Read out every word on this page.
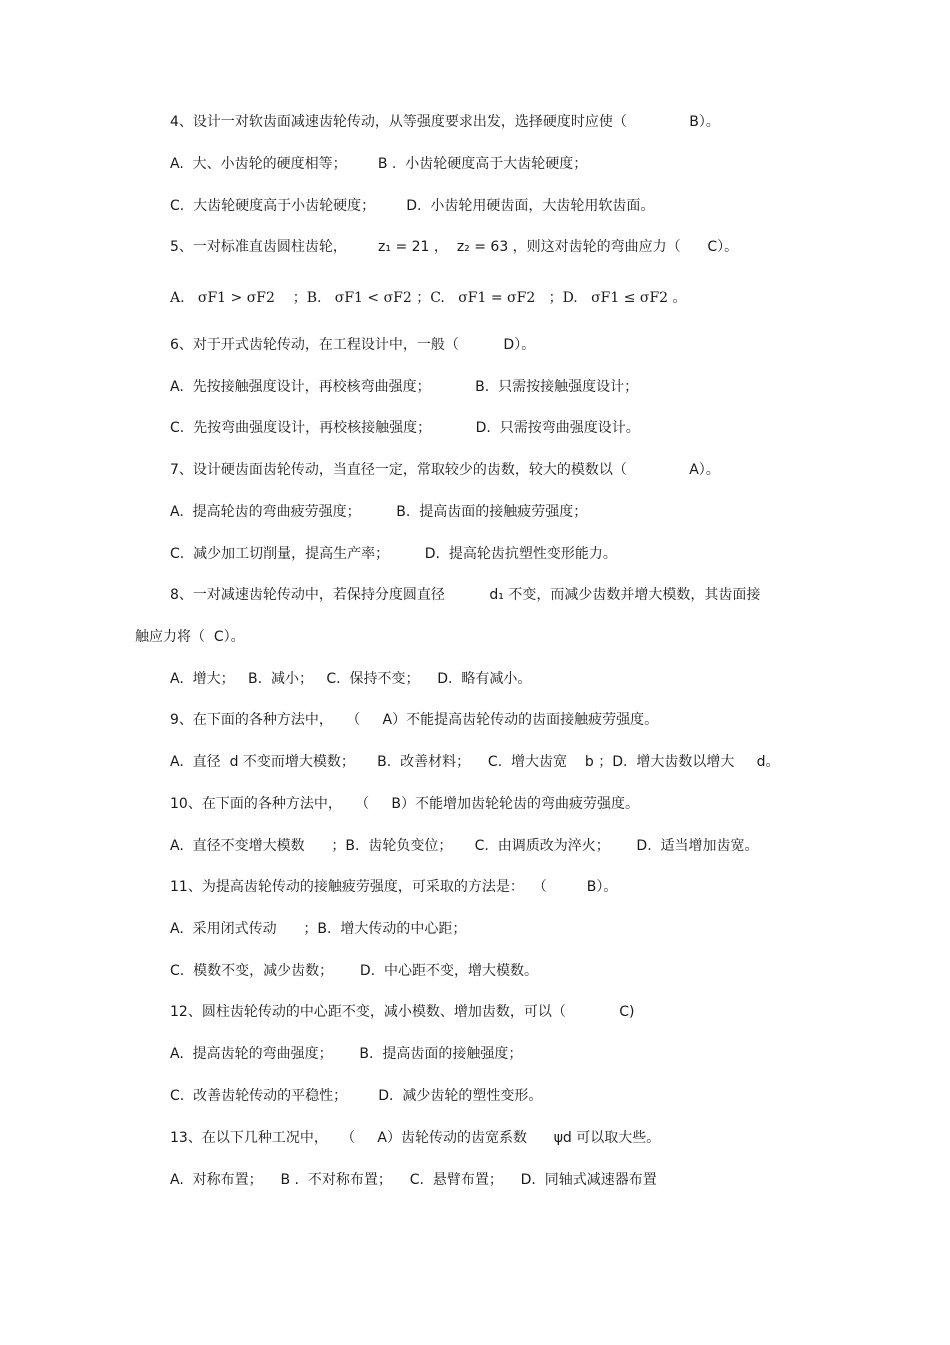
4、设计一对软齿面减速齿轮传动，从等强度要求出发，选择硬度时应使（              B）。
A.  大、小齿轮的硬度相等；       B .  小齿轮硬度高于大齿轮硬度；
C.  大齿轮硬度高于小齿轮硬度；       D.  小齿轮用硬齿面，大齿轮用软齿面。
5、一对标准直齿圆柱齿轮，       z₁ = 21 ，  z₂ = 63 ，则这对齿轮的弯曲应力（      C）。
A.   σF1 > σF2    ；B.   σF1 < σF2 ；C.   σF1 = σF2   ；D.   σF1 ≤ σF2 。
6、对于开式齿轮传动，在工程设计中，一般（          D）。
A.  先按接触强度设计，再校核弯曲强度；          B.  只需按接触强度设计；
C.  先按弯曲强度设计，再校核接触强度；          D.  只需按弯曲强度设计。
7、设计硬齿面齿轮传动，当直径一定，常取较少的齿数，较大的模数以（              A）。
A.  提高轮齿的弯曲疲劳强度；        B.  提高齿面的接触疲劳强度；
C.  减少加工切削量，提高生产率；        D.  提高轮齿抗塑性变形能力。
8、一对减速齿轮传动中，若保持分度圆直径          d₁ 不变，而减少齿数并增大模数，其齿面接
触应力将（  C）。
A.  增大；   B.  减小；   C.  保持不变；    D.  略有减小。
9、在下面的各种方法中，   （     A）不能提高齿轮传动的齿面接触疲劳强度。
A.  直径  d 不变而增大模数；     B.  改善材料；    C.  增大齿宽    b ；D.  增大齿数以增大     d。
10、在下面的各种方法中，   （     B）不能增加齿轮轮齿的弯曲疲劳强度。
A.  直径不变增大模数      ；B.  齿轮负变位；     C.  由调质改为淬火；      D.  适当增加齿宽。
11、为提高齿轮传动的接触疲劳强度，可采取的方法是：  （         B）。
A.  采用闭式传动      ；B.  增大传动的中心距；
C.  模数不变，减少齿数；      D.  中心距不变，增大模数。
12、圆柱齿轮传动的中心距不变，减小模数、增加齿数，可以（            C)
A.  提高齿轮的弯曲强度；      B.  提高齿面的接触强度；
C.  改善齿轮传动的平稳性；       D.  减少齿轮的塑性变形。
13、在以下几种工况中，   （     A）齿轮传动的齿宽系数      ψd 可以取大些。
A.  对称布置；    B .  不对称布置；    C.  悬臂布置；    D.  同轴式减速器布置
